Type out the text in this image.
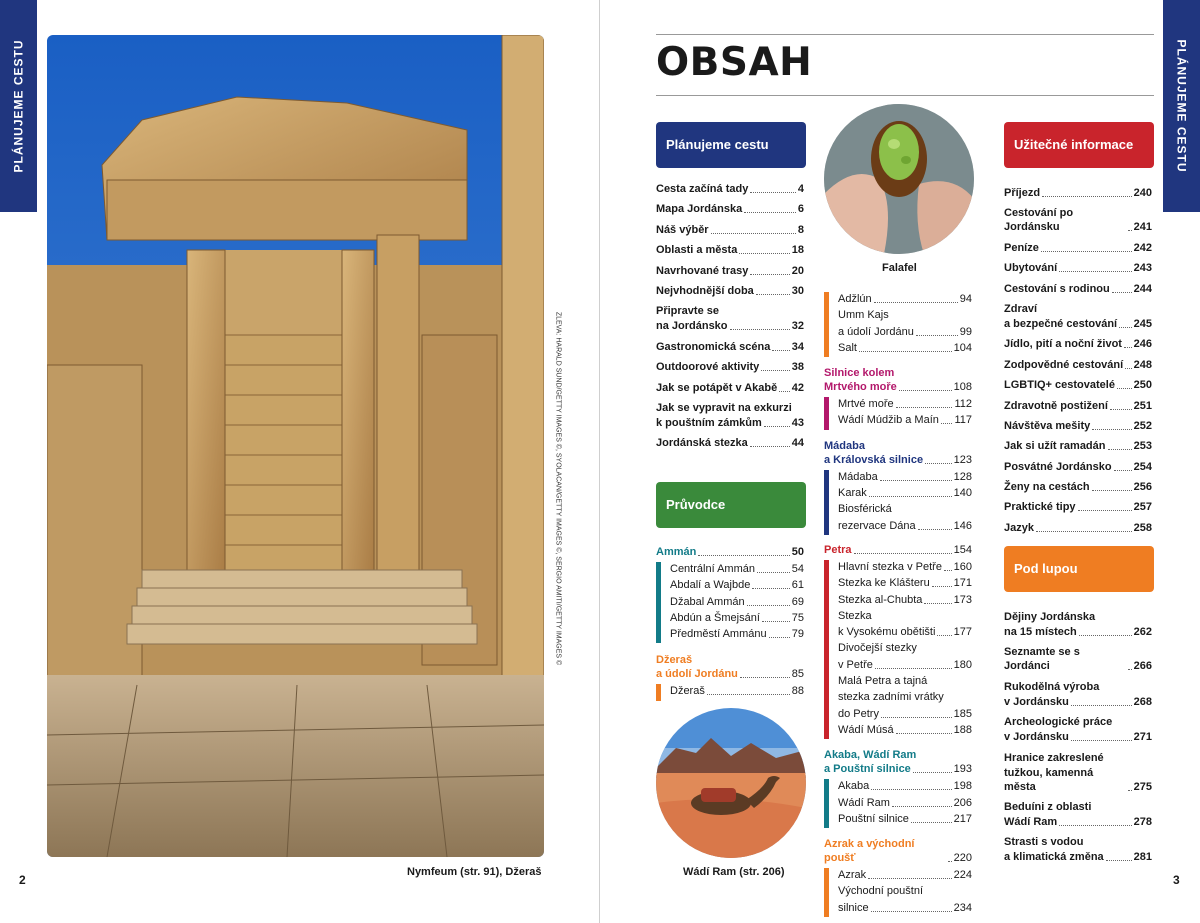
PLÁNUJEME CESTU
ZLEVA: HARALD SUND/GETTY IMAGES ©, SYOLACAN/GETTY IMAGES ©, SERGIO AMITI/GETTY IMAGES ©
Nymfeum (str. 91), Džeraš
2
PLÁNUJEME CESTU
OBSAH
Plánujeme cestu
Cesta začíná tady	4
Mapa Jordánska	6
Náš výběr	8
Oblasti a města	18
Navrhované trasy	20
Nejvhodnější doba	30
Připravte se
na Jordánsko	32
Gastronomická scéna 34
Outdoorové aktivity	38
Jak se potápět v Akabě 42
Jak se vypravit na exkurzi
k pouštním zámkům	43
Jordánská stezka	44
Průvodce
Ammán	50
Centrální Ammán	54
Abdalí a Wajbde	61
Džabal Ammán	69
Abdún a Šmejsání	75
Předměstí Ammánu 79
Džeraš
a údolí Jordánu	85
Džeraš	88
Wádí Ram (str. 206)
Falafel
Adžlún	94
Umm Kajs
a údolí Jordánu	99
Salt	104
Silnice kolem
Mrtvého moře	108
Mrtvé moře	112
Wádí Múdžib a Maín 117
Mádaba
a Královská silnice	123
Mádaba	128
Karak	140
Biosférická
rezervace Dána	146
Petra	154
Hlavní stezka v Petře 160
Stezka ke Klášteru 171
Stezka al-Chubta	173
Stezka
k Vysokému obětišti 177
Divočejší stezky
v Petře	180
Malá Petra a tajná
stezka zadními vrátky
do Petry	185
Wádí Músá	188
Akaba, Wádí Ram
a Pouštní silnice	193
Akaba	198
Wádí Ram	206
Pouštní silnice	217
Azrak a východní poušť	220
Azrak	224
Východní pouštní
silnice	234
Užitečné informace
Příjezd	240
Cestování po Jordánsku	241
Peníze	242
Ubytování	243
Cestování s rodinou 244
Zdraví
a bezpečné cestování 245
Jídlo, pití a noční život 246
Zodpovědné cestování 248
LGBTIQ+ cestovatelé 250
Zdravotně postižení 251
Návštěva mešity	252
Jak si užít ramadán	253
Posvátné Jordánsko 254
Ženy na cestách	256
Praktické tipy	257
Jazyk	258
Pod lupou
Dějiny Jordánska
na 15 místech	262
Seznamte se s Jordánci	266
Rukodělná výroba
v Jordánsku	268
Archeologické práce
v Jordánsku	271
Hranice zakreslené
tužkou, kamenná města	275
Beduíni z oblasti
Wádí Ram	278
Strasti s vodou
a klimatická změna	281
3
